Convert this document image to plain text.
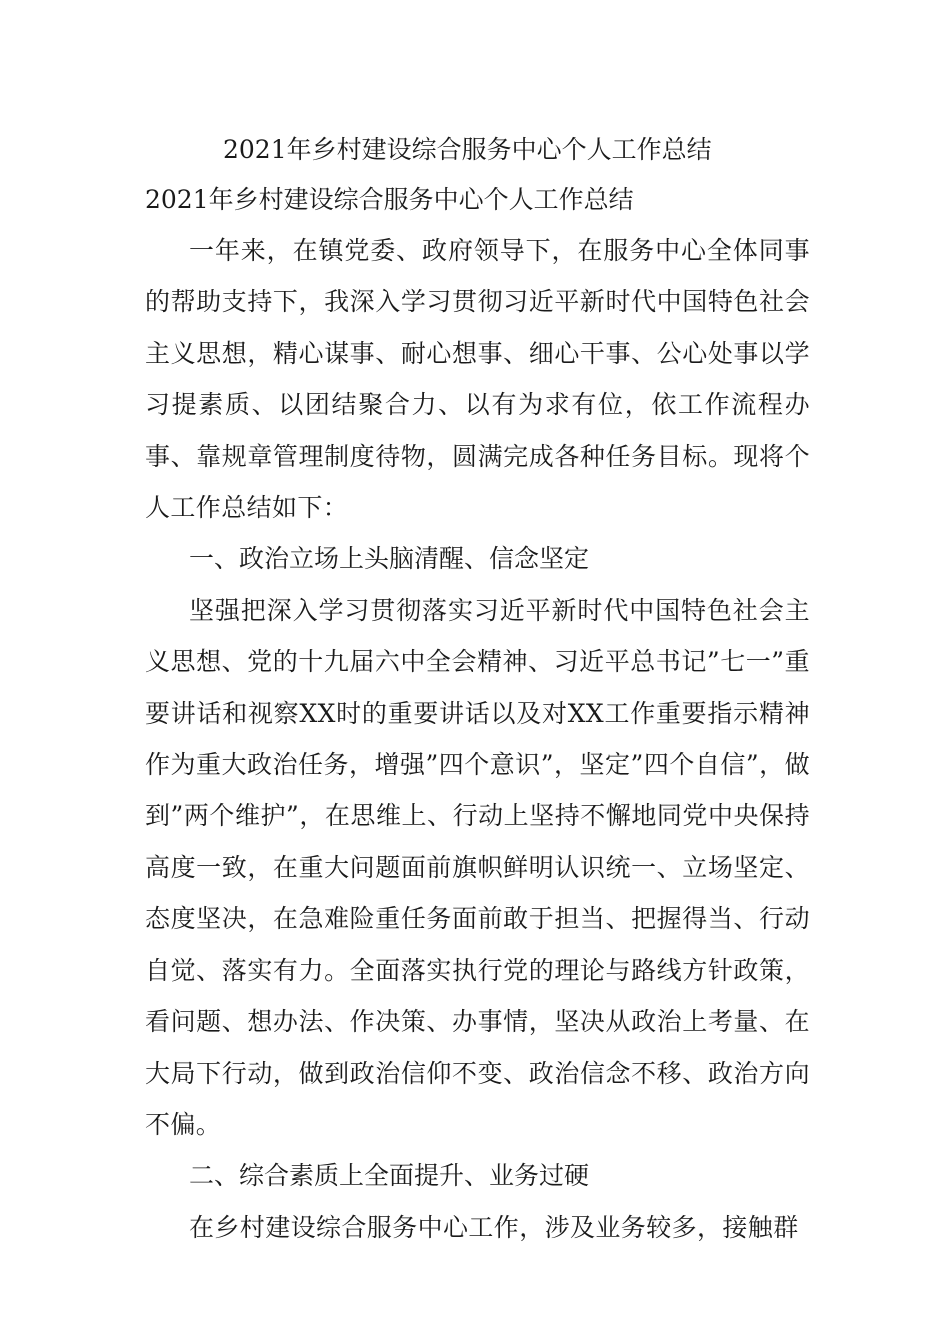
2021年乡村建设综合服务中心个人工作总结
2021年乡村建设综合服务中心个人工作总结

一年来，在镇党委、政府领导下，在服务中心全体同事的帮助支持下，我深入学习贯彻习近平新时代中国特色社会主义思想，精心谋事、耐心想事、细心干事、公心处事以学习提素质、以团结聚合力、以有为求有位，依工作流程办事、靠规章管理制度待物，圆满完成各种任务目标。现将个人工作总结如下：

一、政治立场上头脑清醒、信念坚定

坚强把深入学习贯彻落实习近平新时代中国特色社会主义思想、党的十九届六中全会精神、习近平总书记”七一”重要讲话和视察XX时的重要讲话以及对XX工作重要指示精神作为重大政治任务，增强”四个意识”，坚定”四个自信”，做到”两个维护”，在思维上、行动上坚持不懈地同党中央保持高度一致，在重大问题面前旗帜鲜明认识统一、立场坚定、态度坚决，在急难险重任务面前敢于担当、把握得当、行动自觉、落实有力。全面落实执行党的理论与路线方针政策，看问题、想办法、作决策、办事情，坚决从政治上考量、在大局下行动，做到政治信仰不变、政治信念不移、政治方向不偏。

二、综合素质上全面提升、业务过硬

在乡村建设综合服务中心工作，涉及业务较多，接触群
